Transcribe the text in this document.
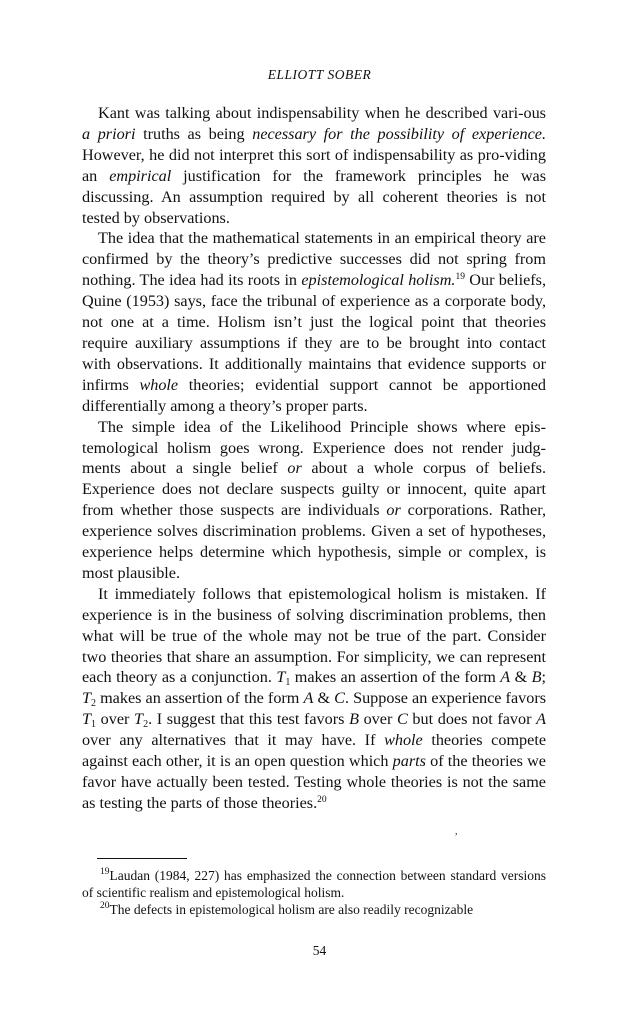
ELLIOTT SOBER

Kant was talking about indispensability when he described vari-ous a priori truths as being necessary for the possibility of experience. However, he did not interpret this sort of indispensability as pro-viding an empirical justification for the framework principles he was discussing. An assumption required by all coherent theories is not tested by observations.

The idea that the mathematical statements in an empirical theory are confirmed by the theory’s predictive successes did not spring from nothing. The idea had its roots in epistemological holism.$^{19}$ Our beliefs, Quine (1953) says, face the tribunal of experience as a corporate body, not one at a time. Holism isn’t just the logical point that theories require auxiliary assumptions if they are to be brought into contact with observations. It additionally maintains that evidence supports or infirms whole theories; evidential support cannot be apportioned differentially among a theory’s proper parts.

The simple idea of the Likelihood Principle shows where epis-temological holism goes wrong. Experience does not render judg-ments about a single belief or about a whole corpus of beliefs. Experience does not declare suspects guilty or innocent, quite apart from whether those suspects are individuals or corporations. Rather, experience solves discrimination problems. Given a set of hypotheses, experience helps determine which hypothesis, simple or complex, is most plausible.

It immediately follows that epistemological holism is mistaken. If experience is in the business of solving discrimination problems, then what will be true of the whole may not be true of the part. Consider two theories that share an assumption. For simplicity, we can represent each theory as a conjunction. $T_1$ makes an assertion of the form A & B; $T_2$ makes an assertion of the form A & C. Suppose an experience favors $T_1$ over $T_2$. I suggest that this test favors B over C but does not favor A over any alternatives that it may have. If whole theories compete against each other, it is an open question which parts of the theories we favor have actually been tested. Testing whole theories is not the same as testing the parts of those theories.$^{20}$

,

$^{19}$Laudan (1984, 227) has emphasized the connection between standard versions of scientific realism and epistemological holism.

$^{20}$The defects in epistemological holism are also readily recognizable

54
